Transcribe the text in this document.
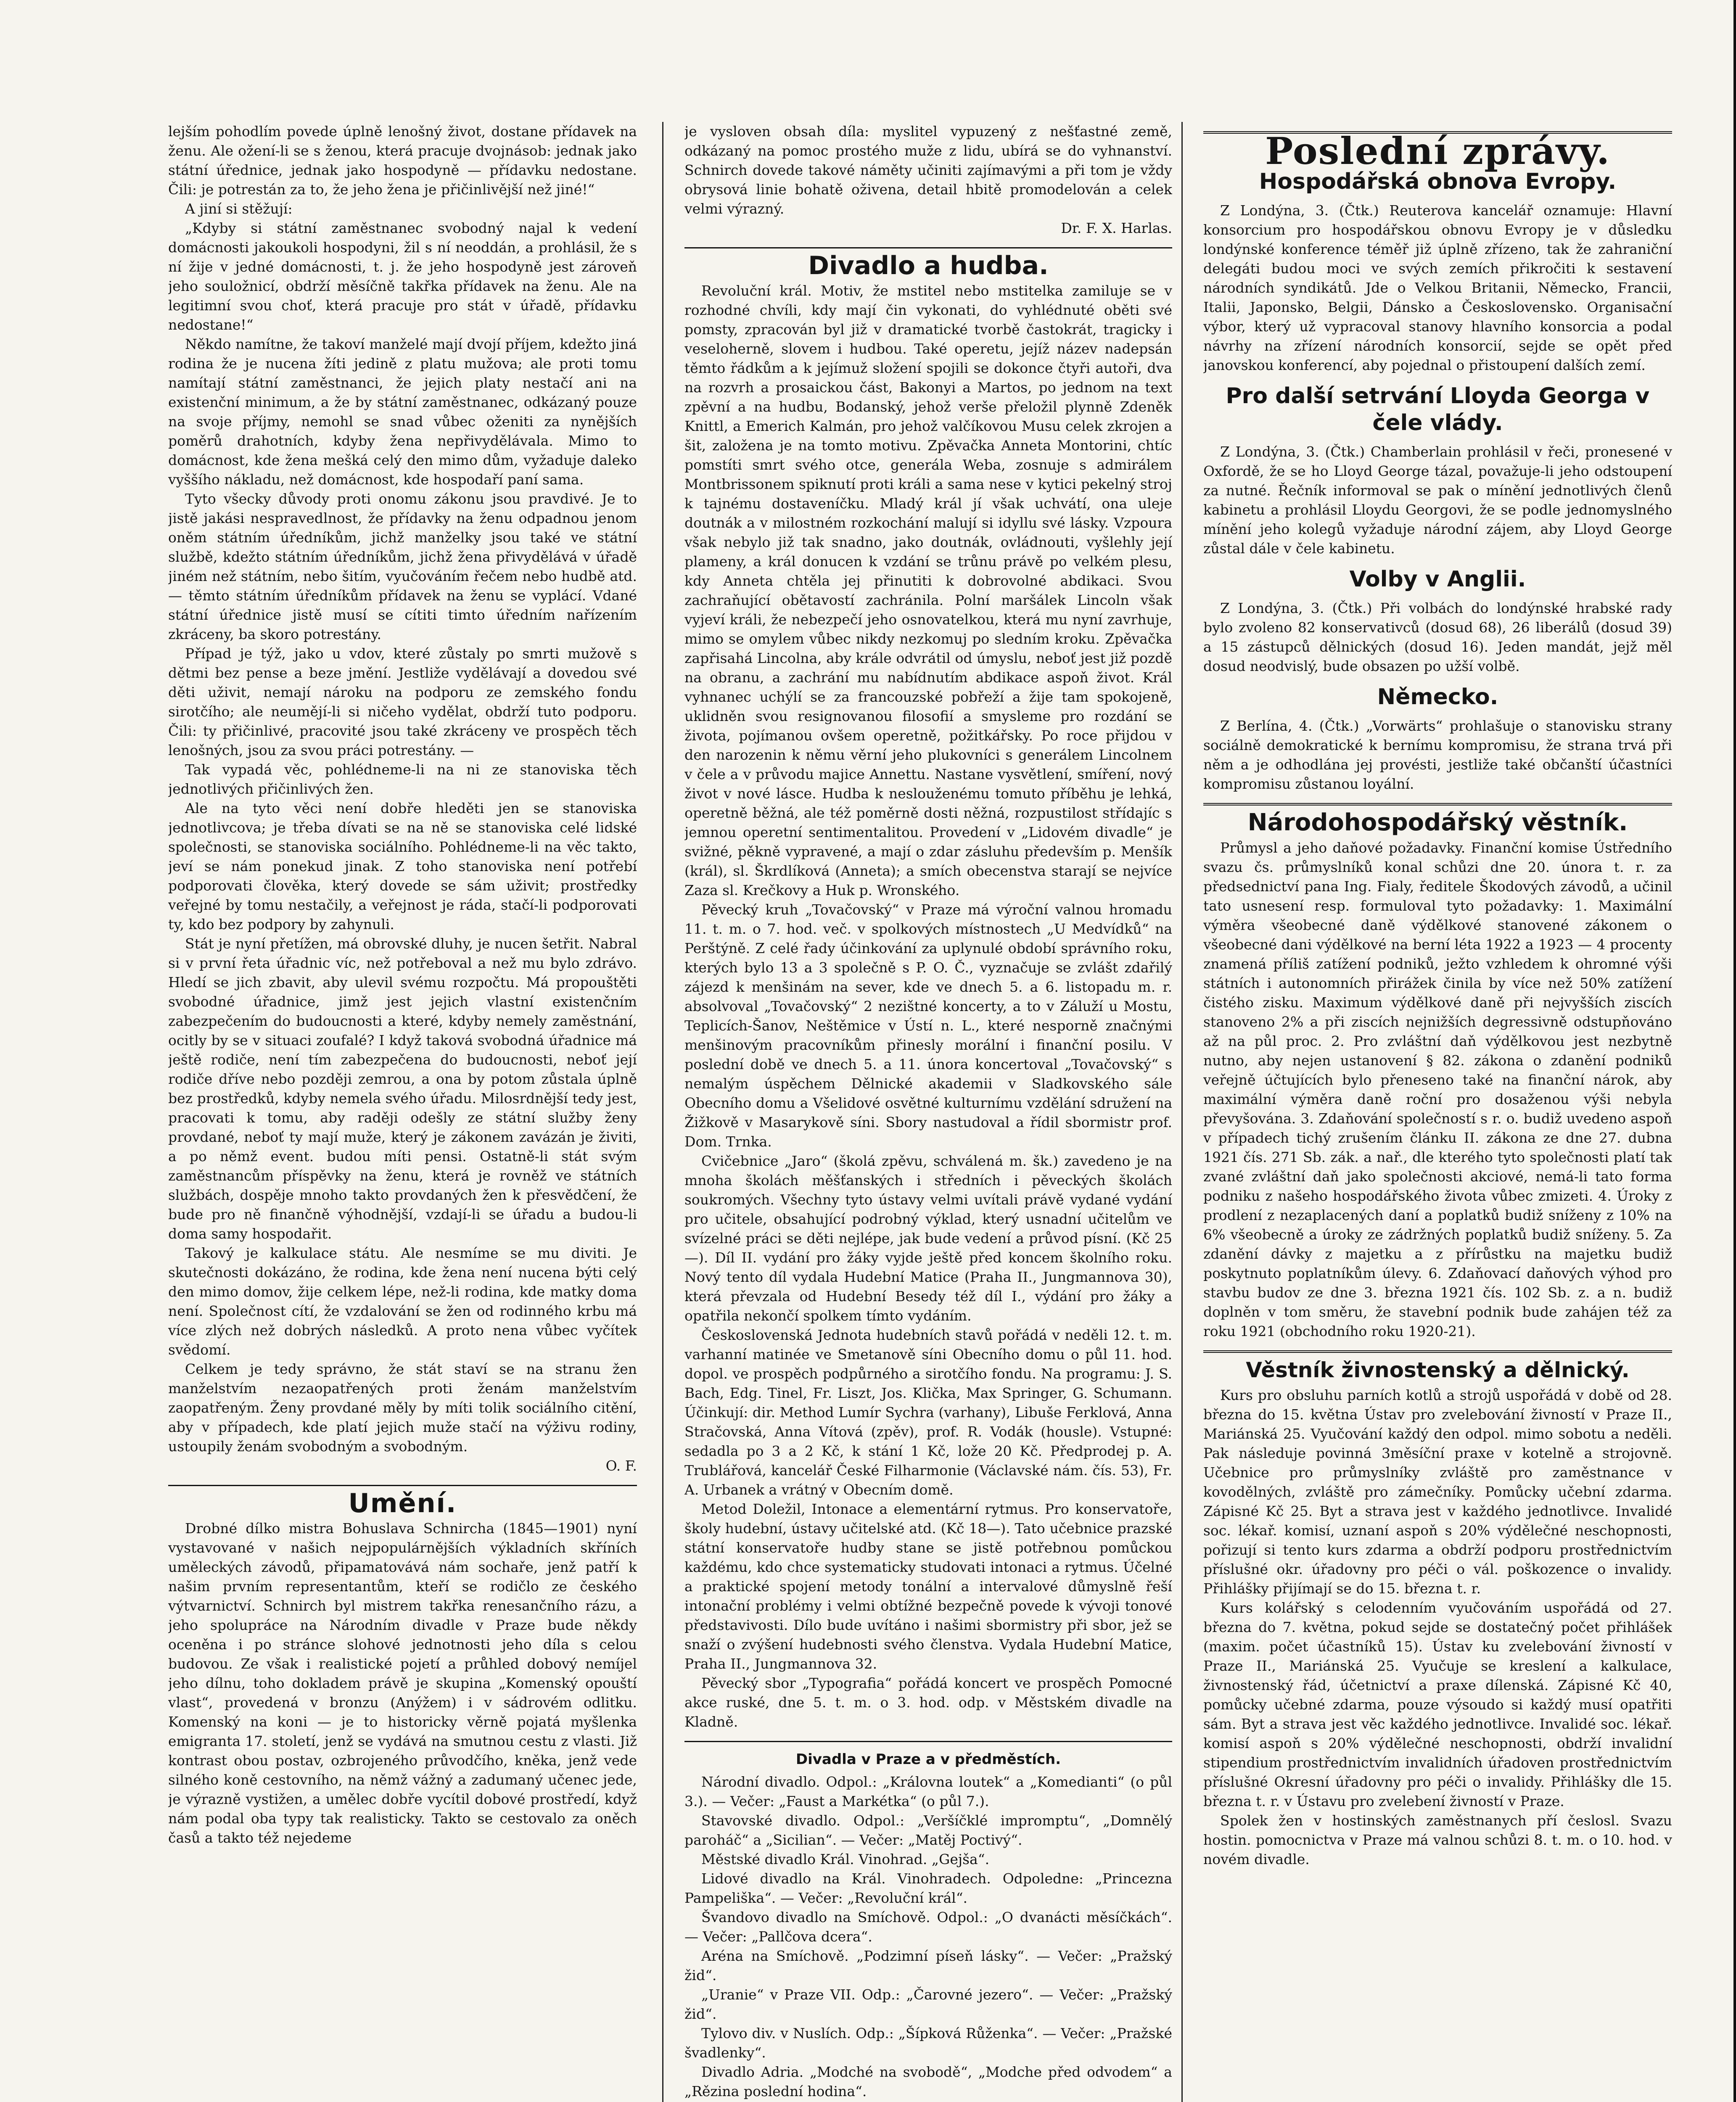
lejším pohodlím povede úplně lenošný život, dostane přídavek na ženu. Ale ožení-li se s ženou, která pracuje dvojnásob: jednak jako státní úřednice, jednak jako hospodyně — přídavku nedostane. Čili: je potrestán za to, že jeho žena je přičinlivější než jiné!“

A jiní si stěžují:

„Kdyby si státní zaměstnanec svobodný najal k vedení domácnosti jakoukoli hospodyni, žil s ní neoddán, a prohlásil, že s ní žije v jedné domácnosti, t. j. že jeho hospodyně jest zároveň jeho souložnicí, obdrží měsíčně takřka přídavek na ženu. Ale na legitimní svou choť, která pracuje pro stát v úřadě, přídavku nedostane!“

Někdo namítne, že takoví manželé mají dvojí příjem, kdežto jiná rodina že je nucena žíti jedině z platu mužova; ale proti tomu namítají státní zaměstnanci, že jejich platy nestačí ani na existenční minimum, a že by státní zaměstnanec, odkázaný pouze na svoje příjmy, nemohl se snad vůbec oženiti za nynějších poměrů drahotních, kdyby žena nepřivydělávala. Mimo to domácnost, kde žena mešká celý den mimo dům, vyžaduje daleko vyššího nákladu, než domácnost, kde hospodaří paní sama.

Tyto všecky důvody proti onomu zákonu jsou pravdivé. Je to jistě jakási nespravedlnost, že přídavky na ženu odpadnou jenom oněm státním úředníkům, jichž manželky jsou také ve státní službě, kdežto státním úředníkům, jichž žena přivydělává v úřadě jiném než státním, nebo šitím, vyučováním řečem nebo hudbě atd. — těmto státním úředníkům přídavek na ženu se vyplácí. Vdané státní úřednice jistě musí se cítiti timto úředním nařízením zkráceny, ba skoro potrestány.

Případ je týž, jako u vdov, které zůstaly po smrti mužově s dětmi bez pense a beze jmění. Jestliže vydělávají a dovedou své děti uživit, nemají nároku na podporu ze zemského fondu sirotčího; ale neumějí-li si ničeho vydělat, obdrží tuto podporu. Čili: ty přičinlivé, pracovité jsou také zkráceny ve prospěch těch lenošných, jsou za svou práci potrestány. —

Tak vypadá věc, pohlédneme-li na ni ze stanoviska těch jednotlivých přičinlivých žen.

Ale na tyto věci není dobře hleděti jen se stanoviska jednotlivcova; je třeba dívati se na ně se stanoviska celé lidské společnosti, se stanoviska sociálního. Pohlédneme-li na věc takto, jeví se nám ponekud jinak. Z toho stanoviska není potřebí podporovati člověka, který dovede se sám uživit; prostředky veřejné by tomu nestačily, a veřejnost je ráda, stačí-li podporovati ty, kdo bez podpory by zahynuli.

Stát je nyní přetížen, má obrovské dluhy, je nucen šetřit. Nabral si v první řeta úřadnic víc, než potřeboval a než mu bylo zdrávo. Hledí se jich zbavit, aby ulevil svému rozpočtu. Má propouštěti svobodné úřadnice, jimž jest jejich vlastní existenčním zabezpečením do budoucnosti a které, kdyby nemely zaměstnání, ocitly by se v situaci zoufalé? I když taková svobodná úřadnice má ještě rodiče, není tím zabezpečena do budoucnosti, neboť její rodiče dříve nebo později zemrou, a ona by potom zůstala úplně bez prostředků, kdyby nemela svého úřadu. Milosrdnější tedy jest, pracovati k tomu, aby raději odešly ze státní služby ženy provdané, neboť ty mají muže, který je zákonem zavázán je živiti, a po němž event. budou míti pensi. Ostatně-li stát svým zaměstnancům příspěvky na ženu, která je rovněž ve státních službách, dospěje mnoho takto provdaných žen k přesvědčení, že bude pro ně finančně výhodnější, vzdají-li se úřadu a budou-li doma samy hospodařit.

Takový je kalkulace státu. Ale nesmíme se mu diviti. Je skutečnosti dokázáno, že rodina, kde žena není nucena býti celý den mimo domov, žije celkem lépe, než-li rodina, kde matky doma není. Společnost cítí, že vzdalování se žen od rodinného krbu má více zlých než dobrých následků. A proto nena vůbec vyčítek svědomí.

Celkem je tedy správno, že stát staví se na stranu žen manželstvím nezaopatřených proti ženám manželstvím zaopatřeným. Ženy provdané měly by míti tolik sociálního citění, aby v případech, kde platí jejich muže stačí na výživu rodiny, ustoupily ženám svobodným a svobodným.

O. F.

Umění.

Drobné dílko mistra Bohuslava Schnircha (1845—1901) nyní vystavované v našich nejpopulárnějších výkladních skříních uměleckých závodů, připamatovává nám sochaře, jenž patří k našim prvním representantům, kteří se rodičlo ze českého výtvarnictví. Schnirch byl mistrem takřka renesančního rázu, a jeho spolupráce na Národním divadle v Praze bude někdy oceněna i po stránce slohové jednotnosti jeho díla s celou budovou. Ze však i realistické pojetí a průhled dobový nemíjel jeho dílnu, toho dokladem právě je skupina „Komenský opouští vlast“, provedená v bronzu (Anýžem) i v sádrovém odlitku. Komenský na koni — je to historicky věrně pojatá myšlenka emigranta 17. století, jenž se vydává na smutnou cestu z vlasti. Již kontrast obou postav, ozbrojeného průvodčího, kněka, jenž vede silného koně cestovního, na němž vážný a zadumaný učenec jede, je výrazně vystižen, a umělec dobře vycítil dobové prostředí, když nám podal oba typy tak realisticky. Takto se cestovalo za oněch časů a takto též nejedeme

je vysloven obsah díla: myslitel vypuzený z nešťastné země, odkázaný na pomoc prostého muže z lidu, ubírá se do vyhnanství. Schnirch dovede takové náměty učiniti zajímavými a při tom je vždy obrysová linie bohatě oživena, detail hbitě promodelován a celek velmi výrazný.

Dr. F. X. Harlas.

Divadlo a hudba.

Revoluční král. Motiv, že mstitel nebo mstitelka zamiluje se v rozhodné chvíli, kdy mají čin vykonati, do vyhlédnuté oběti své pomsty, zpracován byl již v dramatické tvorbě častokrát, tragicky i veseloherně, slovem i hudbou. Také operetu, jejíž název nadepsán těmto řádkům a k jejímuž složení spojili se dokonce čtyři autoři, dva na rozvrh a prosaickou část, Bakonyi a Martos, po jednom na text zpěvní a na hudbu, Bodanský, jehož verše přeložil plynně Zdeněk Knittl, a Emerich Kalmán, pro jehož valčíkovou Musu celek zkrojen a šit, založena je na tomto motivu. Zpěvačka Anneta Montorini, chtíc pomstíti smrt svého otce, generála Weba, zosnuje s admirálem Montbrissonem spiknutí proti králi a sama nese v kytici pekelný stroj k tajnému dostaveníčku. Mladý král jí však uchvátí, ona uleje doutnák a v milostném rozkochání malují si idyllu své lásky. Vzpoura však nebylo již tak snadno, jako doutnák, ovládnouti, vyšlehly její plameny, a král donucen k vzdání se trůnu právě po velkém plesu, kdy Anneta chtěla jej přinutiti k dobrovolné abdikaci. Svou zachraňující obětavostí zachránila. Polní maršálek Lincoln však vyjeví králi, že nebezpečí jeho osnovatelkou, která mu nyní zavrhuje, mimo se omylem vůbec nikdy nezkomuj po sledním kroku. Zpěvačka zapřisahá Lincolna, aby krále odvrátil od úmyslu, neboť jest již pozdě na obranu, a zachrání mu nabídnutím abdikace aspoň život. Král vyhnanec uchýlí se za francouzské pobřeží a žije tam spokojeně, uklidněn svou resignovanou filosofií a smysleme pro rozdání se života, pojímanou ovšem operetně, požitkářsky. Po roce přijdou v den narozenin k němu věrní jeho plukovníci s generálem Lincolnem v čele a v průvodu majice Annettu. Nastane vysvětlení, smíření, nový život v nové lásce. Hudba k neslouženému tomuto příběhu je lehká, operetně běžná, ale též poměrně dosti něžná, rozpustilost střídajíc s jemnou operetní sentimentalitou. Provedení v „Lidovém divadle“ je svižné, pěkně vypravené, a mají o zdar zásluhu především p. Menšík (král), sl. Škrdlíková (Anneta); a smích obecenstva starají se nejvíce Zaza sl. Krečkovy a Huk p. Wronského.

Pěvecký kruh „Tovačovský“ v Praze má výroční valnou hromadu 11. t. m. o 7. hod. več. v spolkových místnostech „U Medvídků“ na Perštýně. Z celé řady účinkování za uplynulé období správního roku, kterých bylo 13 a 3 společně s P. O. Č., vyznačuje se zvlášt zdařilý zájezd k menšinám na sever, kde ve dnech 5. a 6. listopadu m. r. absolvoval „Tovačovský“ 2 nezištné koncerty, a to v Záluží u Mostu, Teplicích-Šanov, Neštěmice v Ústí n. L., které nesporně značnými menšinovým pracovníkům přinesly morální i finanční posilu. V poslední době ve dnech 5. a 11. února koncertoval „Tovačovský“ s nemalým úspěchem Dělnické akademii v Sladkovského sále Obecního domu a Všelidové osvětné kulturnímu vzdělání sdružení na Žižkově v Masarykově síni. Sbory nastudoval a řídil sbormistr prof. Dom. Trnka.

Cvičebnice „Jaro“ (školá zpěvu, schválená m. šk.) zavedeno je na mnoha školách měšťanských i středních i pěveckých školách soukromých. Všechny tyto ústavy velmi uvítali právě vydané vydání pro učitele, obsahující podrobný výklad, který usnadní učitelům ve svízelné práci se děti nejlépe, jak bude vedení a průvod písní. (Kč 25—). Díl II. vydání pro žáky vyjde ještě před koncem školního roku. Nový tento díl vydala Hudební Matice (Praha II., Jungmannova 30), která převzala od Hudební Besedy též díl I., výdání pro žáky a opatřila nekončí spolkem tímto vydáním.

Československá Jednota hudebních stavů pořádá v neděli 12. t. m. varhanní matinée ve Smetanově síni Obecního domu o půl 11. hod. dopol. ve prospěch podpůrného a sirotčího fondu. Na programu: J. S. Bach, Edg. Tinel, Fr. Liszt, Jos. Klička, Max Springer, G. Schumann. Účinkují: dir. Method Lumír Sychra (varhany), Libuše Ferklová, Anna Stračovská, Anna Vítová (zpěv), prof. R. Vodák (housle). Vstupné: sedadla po 3 a 2 Kč, k stání 1 Kč, lože 20 Kč. Předprodej p. A. Trublářová, kancelář České Filharmonie (Václavské nám. čís. 53), Fr. A. Urbanek a vrátný v Obecním domě.

Metod Doležil, Intonace a elementární rytmus. Pro konservatoře, školy hudební, ústavy učitelské atd. (Kč 18—). Tato učebnice prazské státní konservatoře hudby stane se jistě potřebnou pomůckou každému, kdo chce systematicky studovati intonaci a rytmus. Účelné a praktické spojení metody tonální a intervalové důmyslně řeší intonační problémy i velmi obtížné bezpečně povede k vývoji tonové představivosti. Dílo bude uvítáno i našimi sbormistry při sbor, jež se snaží o zvýšení hudebnosti svého členstva. Vydala Hudební Matice, Praha II., Jungmannova 32.

Pěvecký sbor „Typografia“ pořádá koncert ve prospěch Pomocné akce ruské, dne 5. t. m. o 3. hod. odp. v Městském divadle na Kladně.

Divadla v Praze a v předměstích.

Národní divadlo. Odpol.: „Královna loutek“ a „Komedianti“ (o půl 3.). — Večer: „Faust a Markétka“ (o půl 7.).

Stavovské divadlo. Odpol.: „Veršíčklé impromptu“, „Domnělý paroháč“ a „Sicilian“. — Večer: „Matěj Poctivý“.

Městské divadlo Král. Vinohrad. „Gejša“.

Lidové divadlo na Král. Vinohradech. Odpoledne: „Princezna Pampeliška“. — Večer: „Revoluční král“.

Švandovo divadlo na Smíchově. Odpol.: „O dvanácti měsíčkách“. — Večer: „Pallčova dcera“.

Aréna na Smíchově. „Podzimní píseň lásky“. — Večer: „Pražský žid“.

„Uranie“ v Praze VII. Odp.: „Čarovné jezero“. — Večer: „Pražský žid“.

Tylovo div. v Nuslích. Odp.: „Šípková Růženka“. — Večer: „Pražské švadlenky“.

Divadlo Adria. „Modché na svobodě“, „Modche před odvodem“ a „Rězina poslední hodina“.

Poslední zprávy.
Hospodářská obnova Evropy.

Z Londýna, 3. (Čtk.) Reuterova kancelář oznamuje: Hlavní konsorcium pro hospodářskou obnovu Evropy je v důsledku londýnské konference téměř již úplně zřízeno, tak že zahraniční delegáti budou moci ve svých zemích přikročiti k sestavení národních syndikátů. Jde o Velkou Britanii, Německo, Francii, Italii, Japonsko, Belgii, Dánsko a Československo. Organisační výbor, který už vypracoval stanovy hlavního konsorcia a podal návrhy na zřízení národních konsorcií, sejde se opět před janovskou konferencí, aby pojednal o přistoupení dalších zemí.

Pro další setrvání Lloyda Georga v čele vlády.

Z Londýna, 3. (Čtk.) Chamberlain prohlásil v řeči, pronesené v Oxfordě, že se ho Lloyd George tázal, považuje-li jeho odstoupení za nutné. Řečník informoval se pak o mínění jednotlivých členů kabinetu a prohlásil Lloydu Georgovi, že se podle jednomyslného mínění jeho kolegů vyžaduje národní zájem, aby Lloyd George zůstal dále v čele kabinetu.

Volby v Anglii.

Z Londýna, 3. (Čtk.) Při volbách do londýnské hrabské rady bylo zvoleno 82 konservativců (dosud 68), 26 liberálů (dosud 39) a 15 zástupců dělnických (dosud 16). Jeden mandát, jejž měl dosud neodvislý, bude obsazen po užší volbě.

Německo.

Z Berlína, 4. (Čtk.) „Vorwärts“ prohlašuje o stanovisku strany sociálně demokratické k bernímu kompromisu, že strana trvá při něm a je odhodlána jej provésti, jestliže také občanští účastníci kompromisu zůstanou loyální.

Národohospodářský věstník.

Průmysl a jeho daňové požadavky. Finanční komise Ústředního svazu čs. průmyslníků konal schůzi dne 20. února t. r. za předsednictví pana Ing. Fialy, ředitele Škodových závodů, a učinil tato usnesení resp. formuloval tyto požadavky: 1. Maximální výměra všeobecné daně výdělkové stanovené zákonem o všeobecné dani výdělkové na berní léta 1922 a 1923 — 4 procenty znamená příliš zatížení podniků, ježto vzhledem k ohromné výši státních i autonomních přirážek činila by více než 50% zatížení čistého zisku. Maximum výdělkové daně při nejvyšších ziscích stanoveno 2% a při ziscích nejnižších degressivně odstupňováno až na půl proc. 2. Pro zvláštní daň výdělkovou jest nezbytně nutno, aby nejen ustanovení § 82. zákona o zdanění podniků veřejně účtujících bylo přeneseno také na finanční nárok, aby maximální výměra daně roční pro dosaženou výši nebyla převyšována. 3. Zdaňování společností s r. o. budiž uvedeno aspoň v případech tichý zrušením článku II. zákona ze dne 27. dubna 1921 čís. 271 Sb. zák. a nař., dle kterého tyto společnosti platí tak zvané zvláštní daň jako společnosti akciové, nemá-li tato forma podniku z našeho hospodářského života vůbec zmizeti. 4. Úroky z prodlení z nezaplacených daní a poplatků budiž sníženy z 10% na 6% všeobecně a úroky ze zádržných poplatků budiž sníženy. 5. Za zdanění dávky z majetku a z přírůstku na majetku budiž poskytnuto poplatníkům úlevy. 6. Zdaňovací daňových výhod pro stavbu budov ze dne 3. března 1921 čís. 102 Sb. z. a n. budiž doplněn v tom směru, že stavební podnik bude zahájen též za roku 1921 (obchodního roku 1920-21).

Věstník živnostenský a dělnický.

Kurs pro obsluhu parních kotlů a strojů uspořádá v době od 28. března do 15. května Ústav pro zvelebování živností v Praze II., Mariánská 25. Vyučování každý den odpol. mimo sobotu a neděli. Pak následuje povinná 3měsíční praxe v kotelně a strojovně. Učebnice pro průmyslníky zvláště pro zaměstnance v kovodělných, zvláště pro zámečníky. Pomůcky učební zdarma. Zápisné Kč 25. Byt a strava jest v každého jednotlivce. Invalidé soc. lékař. komisí, uznaní aspoň s 20% výdělečné neschopnosti, pořizují si tento kurs zdarma a obdrží podporu prostřednictvím příslušné okr. úřadovny pro péči o vál. poškozence o invalidy. Přihlášky přijímají se do 15. března t. r.

Kurs kolářský s celodenním vyučováním uspořádá od 27. března do 7. května, pokud sejde se dostatečný počet přihlášek (maxim. počet účastníků 15). Ústav ku zvelebování živností v Praze II., Mariánská 25. Vyučuje se kreslení a kalkulace, živnostenský řád, účetnictví a praxe dílenská. Zápisné Kč 40, pomůcky učebné zdarma, pouze výsoudo si každý musí opatřiti sám. Byt a strava jest věc každého jednotlivce. Invalidé soc. lékař. komisí aspoň s 20% výdělečné neschopnosti, obdrží invalidní stipendium prostřednictvím invalidních úřadoven prostřednictvím příslušné Okresní úřadovny pro péči o invalidy. Přihlášky dle 15. března t. r. v Ústavu pro zvelebení živností v Praze.

Spolek žen v hostinských zaměstnanych pří česlosl. Svazu hostin. pomocnictva v Praze má valnou schůzi 8. t. m. o 10. hod. v novém divadle.
